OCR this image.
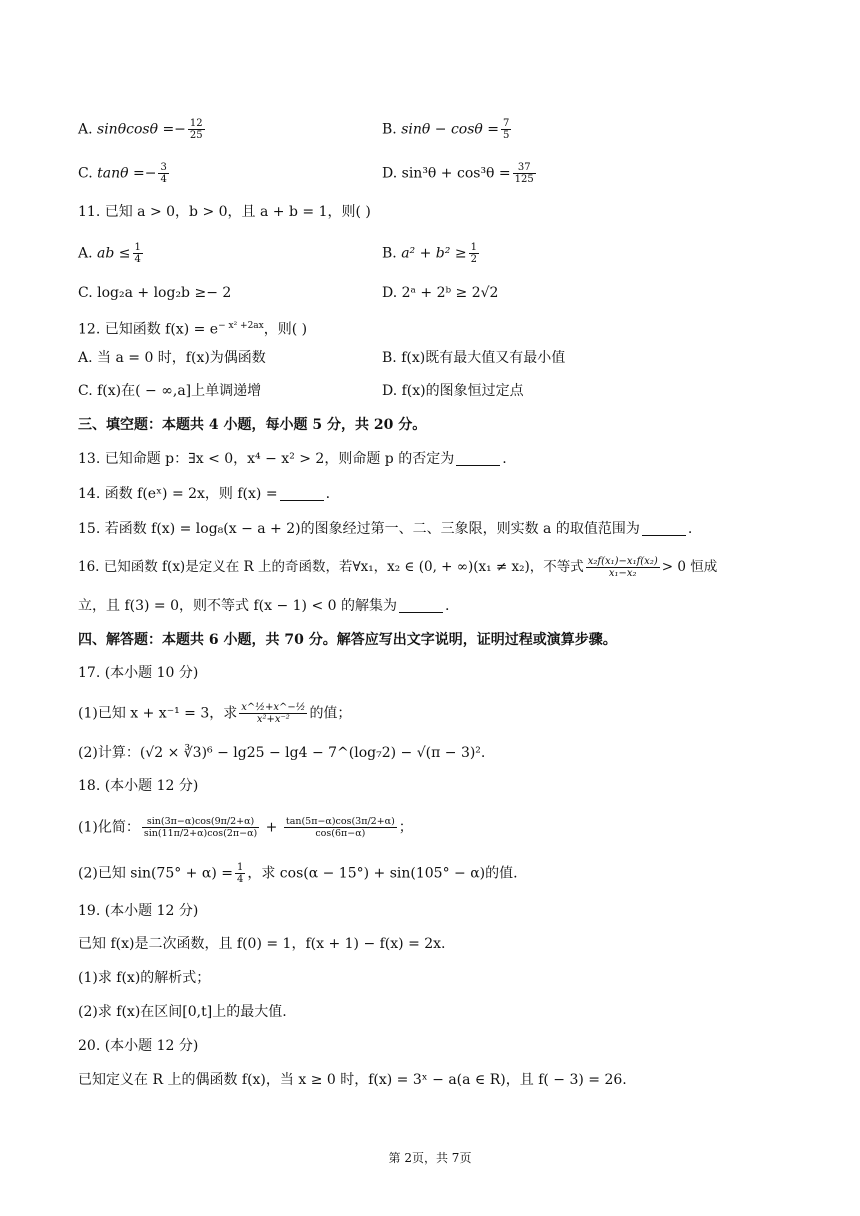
A. $\sin\theta\cos\theta =- \frac{12}{25}$	B. $\sin\theta - \cos\theta = \frac{7}{5}$
C. $\tan\theta =- \frac{3}{4}$	D. $\sin^3\theta + \cos^3\theta = \frac{37}{125}$
11. 已知 a > 0，b > 0，且 a + b = 1，则( )
A. ab ≤ $\frac{1}{4}$	B. $a^2 + b^2 \ge \frac{1}{2}$
C. log₂a + log₂b ≥− 2	D. 2ᵃ + 2ᵇ ≥ 2√2
12. 已知函数 $f(x) = e^{- x^2 +2ax}$，则( )
A. 当 a = 0 时，f(x)为偶函数	B. f(x)既有最大值又有最小值
C. f(x)在( − ∞,a]上单调递增	D. f(x)的图象恒过定点
三、填空题：本题共 4 小题，每小题 5 分，共 20 分。
13. 已知命题 p：∃x < 0，x⁴ − x² > 2，则命题 p 的否定为	.
14. 函数 f(eˣ) = 2x，则 f(x) =	.
15. 若函数 f(x) = log₈(x − a + 2)的图象经过第一、二、三象限，则实数 a 的取值范围为	.
16. 已知函数 f(x)是定义在 R 上的奇函数，若∀x₁，x₂ ∈ (0, + ∞)(x₁ ≠ x₂)，不等式 $\frac{\text{x₂f(x₁)−x₁f(x₂)}}{\text{x₁−x₂}} > 0$ 恒成
立，且 f(3) = 0，则不等式 f(x − 1) < 0 的解集为	.
四、解答题：本题共 6 小题，共 70 分。解答应写出文字说明，证明过程或演算步骤。
17. (本小题 10 分)
(1)已知 x + x⁻¹ = 3，求 $\frac{\text{x\textasciicircum{}½+x\textasciicircum{}−½}}{\text{x²+x⁻²}}$ 的值；
(2)计算：(√2 × ∛3)⁶ − lg25 − lg4 − 7^(log₇2) − √(π − 3)².
18. (本小题 12 分)
(1)化简： $\frac{\sin(3\pi-\alpha)\cos(9\pi/2+\alpha)}{\sin(11\pi/2+\alpha)\cos(2\pi-\alpha)} + \frac{\tan(5\pi-\alpha)\cos(3\pi/2+\alpha)}{\cos(6\pi-\alpha)}$ ；
(2)已知 $\sin(75^\circ + \alpha) = \frac{1}{4}$ ，求 cos(α − 15°) + sin(105° − α)的值.
19. (本小题 12 分)
已知 f(x)是二次函数，且 f(0) = 1，f(x + 1) − f(x) = 2x.
(1)求 f(x)的解析式；
(2)求 f(x)在区间[0,t]上的最大值.
20. (本小题 12 分)
已知定义在 R 上的偶函数 f(x)，当 x ≥ 0 时，f(x) = 3ˣ − a(a ∈ R)，且 f( − 3) = 26.
第 2页，共 7页
